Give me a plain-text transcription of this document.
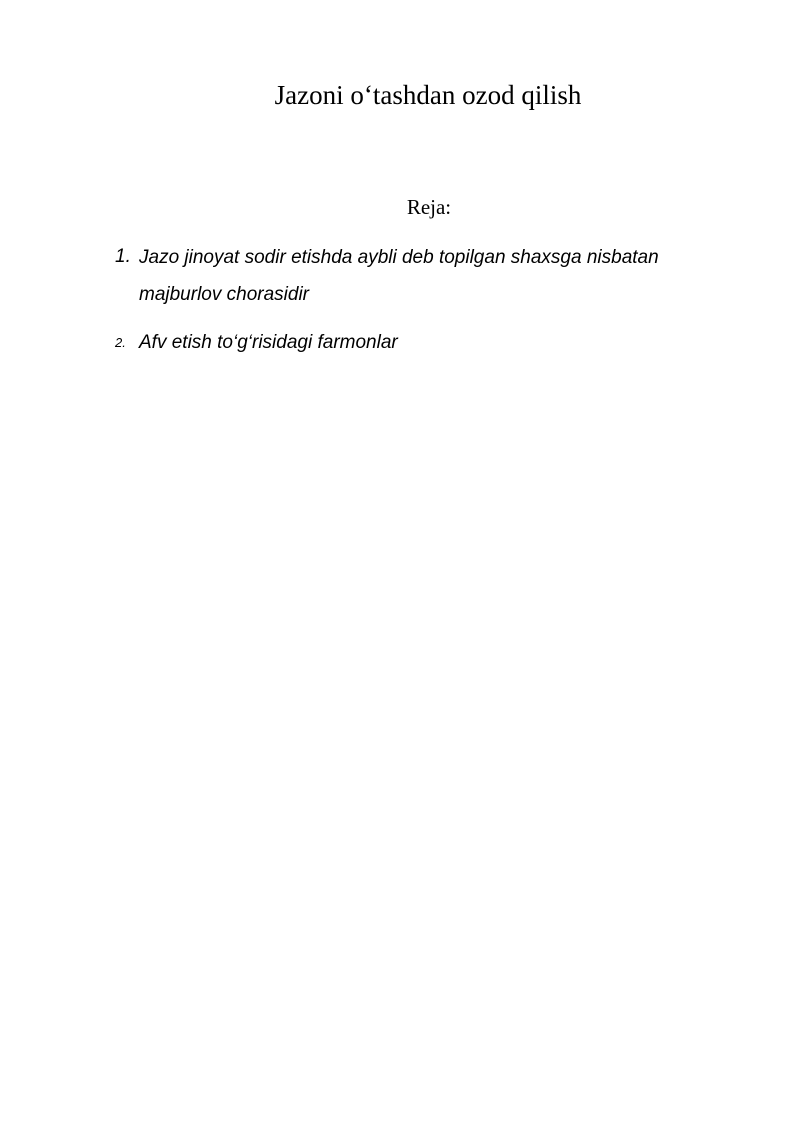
Jazoni o‘tashdan ozod qilish
Reja:
1. Jazo jinoyat sodir etishda aybli deb topilgan shaxsga nisbatan majburlov chorasidir
2. Afv etish to‘g‘risidagi farmonlar
